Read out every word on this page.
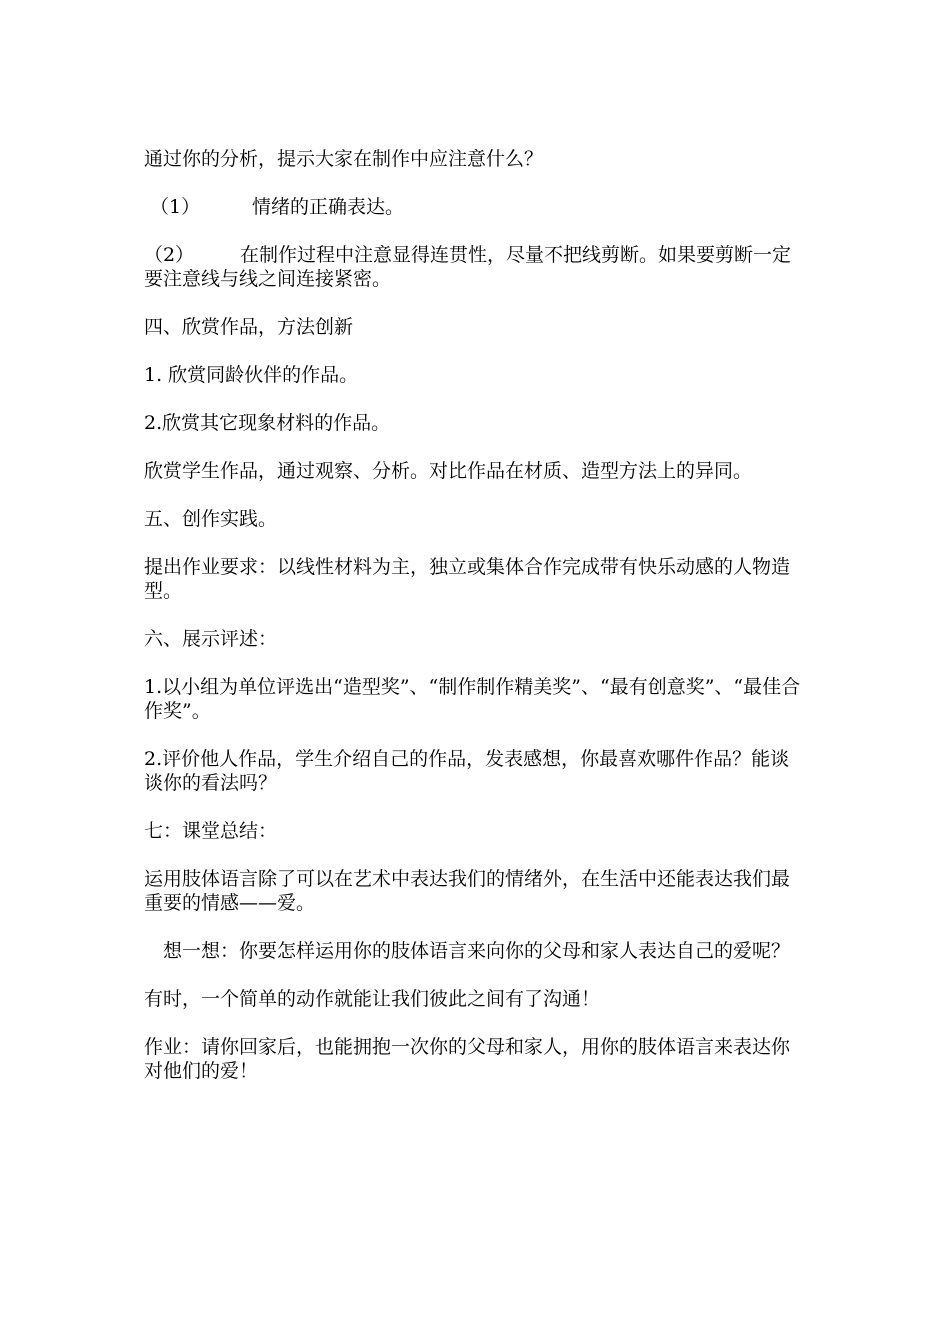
通过你的分析，提示大家在制作中应注意什么？

（1）	情绪的正确表达。
（2） 在制作过程中注意显得连贯性，尽量不把线剪断。如果要剪断一定要注意线与线之间连接紧密。

四、欣赏作品，方法创新

1. 欣赏同龄伙伴的作品。

2.欣赏其它现象材料的作品。

欣赏学生作品，通过观察、分析。对比作品在材质、造型方法上的异同。

五、创作实践。

提出作业要求：以线性材料为主，独立或集体合作完成带有快乐动感的人物造型。

六、展示评述：

1.以小组为单位评选出“造型奖”、“制作制作精美奖”、“最有创意奖”、“最佳合作奖”。

2.评价他人作品，学生介绍自己的作品，发表感想，你最喜欢哪件作品？能谈谈你的看法吗？

七：课堂总结：

运用肢体语言除了可以在艺术中表达我们的情绪外，在生活中还能表达我们最重要的情感——爱。

想一想：你要怎样运用你的肢体语言来向你的父母和家人表达自己的爱呢？

有时，一个简单的动作就能让我们彼此之间有了沟通！

作业：请你回家后，也能拥抱一次你的父母和家人，用你的肢体语言来表达你对他们的爱！
